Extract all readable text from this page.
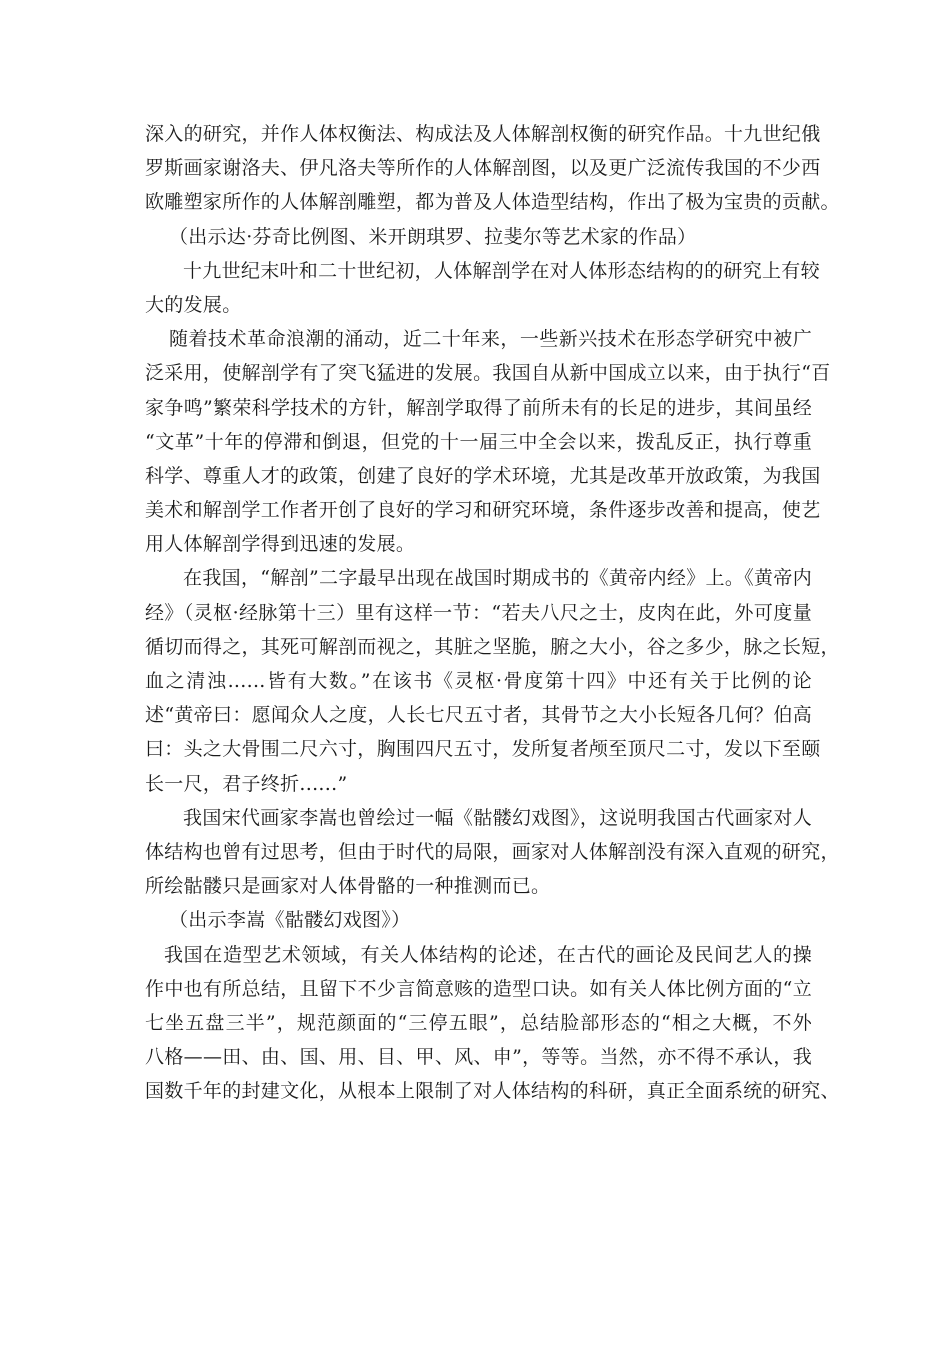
深入的研究，并作人体权衡法、构成法及人体解剖权衡的研究作品。十九世纪俄
罗斯画家谢洛夫、伊凡洛夫等所作的人体解剖图，以及更广泛流传我国的不少西
欧雕塑家所作的人体解剖雕塑，都为普及人体造型结构，作出了极为宝贵的贡献。
（出示达·芬奇比例图、米开朗琪罗、拉斐尔等艺术家的作品）
十九世纪末叶和二十世纪初，人体解剖学在对人体形态结构的的研究上有较
大的发展。
随着技术革命浪潮的涌动，近二十年来，一些新兴技术在形态学研究中被广
泛采用，使解剖学有了突飞猛进的发展。我国自从新中国成立以来，由于执行“百
家争鸣”繁荣科学技术的方针，解剖学取得了前所未有的长足的进步，其间虽经
“文革”十年的停滞和倒退，但党的十一届三中全会以来，拨乱反正，执行尊重
科学、尊重人才的政策，创建了良好的学术环境，尤其是改革开放政策，为我国
美术和解剖学工作者开创了良好的学习和研究环境，条件逐步改善和提高，使艺
用人体解剖学得到迅速的发展。
在我国，“解剖”二字最早出现在战国时期成书的《黄帝内经》上。《黄帝内
经》（灵枢·经脉第十三）里有这样一节：“若夫八尺之士，皮肉在此，外可度量
循切而得之，其死可解剖而视之，其脏之坚脆，腑之大小，谷之多少，脉之长短，
血之清浊......皆有大数。”在该书《灵枢·骨度第十四》中还有关于比例的论
述“黄帝曰：愿闻众人之度，人长七尺五寸者，其骨节之大小长短各几何？伯高
曰：头之大骨围二尺六寸，胸围四尺五寸，发所复者颅至顶尺二寸，发以下至颐
长一尺，君子终折......”
我国宋代画家李嵩也曾绘过一幅《骷髅幻戏图》，这说明我国古代画家对人
体结构也曾有过思考，但由于时代的局限，画家对人体解剖没有深入直观的研究，
所绘骷髅只是画家对人体骨骼的一种推测而已。
（出示李嵩《骷髅幻戏图》）
我国在造型艺术领域，有关人体结构的论述，在古代的画论及民间艺人的操
作中也有所总结，且留下不少言简意赅的造型口诀。如有关人体比例方面的“立
七坐五盘三半”，规范颜面的“三停五眼”，总结脸部形态的“相之大概，不外
八格——田、由、国、用、目、甲、风、申”，等等。当然，亦不得不承认，我
国数千年的封建文化，从根本上限制了对人体结构的科研，真正全面系统的研究、
